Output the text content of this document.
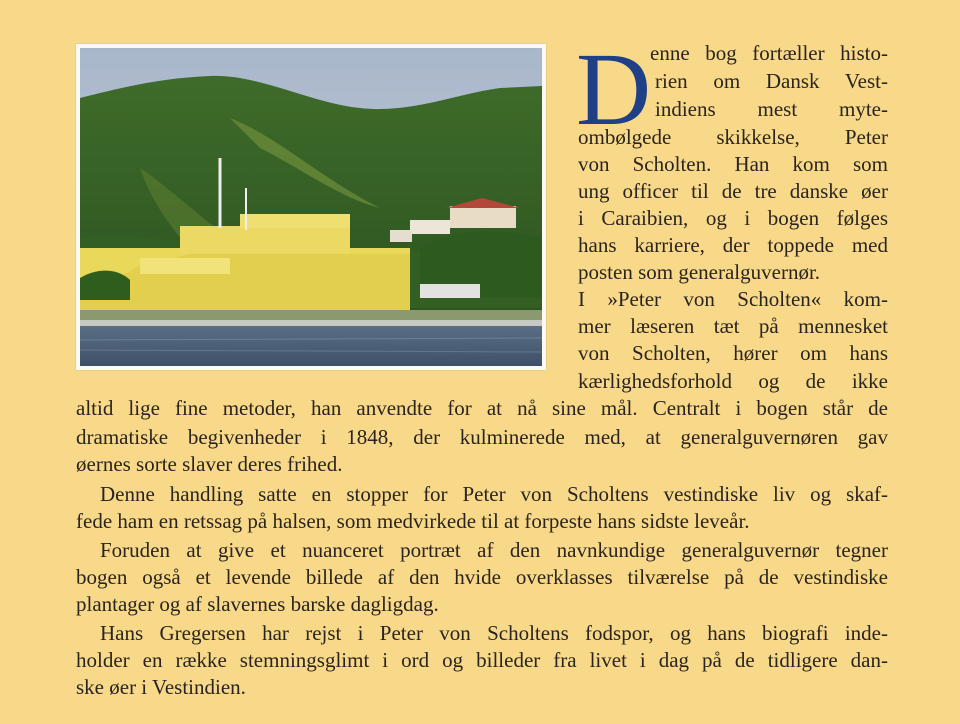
D
enne bog fortæller histo-
rien om Dansk Vest-
indiens mest myte-
ombølgede skikkelse, Peter
von Scholten. Han kom som
ung officer til de tre danske øer
i Caraibien, og i bogen følges
hans karriere, der toppede med
posten som generalguvernør.
I »Peter von Scholten« kom-
mer læseren tæt på mennesket
von Scholten, hører om hans
kærlighedsforhold og de ikke
altid lige fine metoder, han anvendte for at nå sine mål. Centralt i bogen står de
dramatiske begivenheder i 1848, der kulminerede med, at generalguvernøren gav
øernes sorte slaver deres frihed.
Denne handling satte en stopper for Peter von Scholtens vestindiske liv og skaf-
fede ham en retssag på halsen, som medvirkede til at forpeste hans sidste leveår.
Foruden at give et nuanceret portræt af den navnkundige generalguvernør tegner
bogen også et levende billede af den hvide overklasses tilværelse på de vestindiske
plantager og af slavernes barske dagligdag.
Hans Gregersen har rejst i Peter von Scholtens fodspor, og hans biografi inde-
holder en række stemningsglimt i ord og billeder fra livet i dag på de tidligere dan-
ske øer i Vestindien.
